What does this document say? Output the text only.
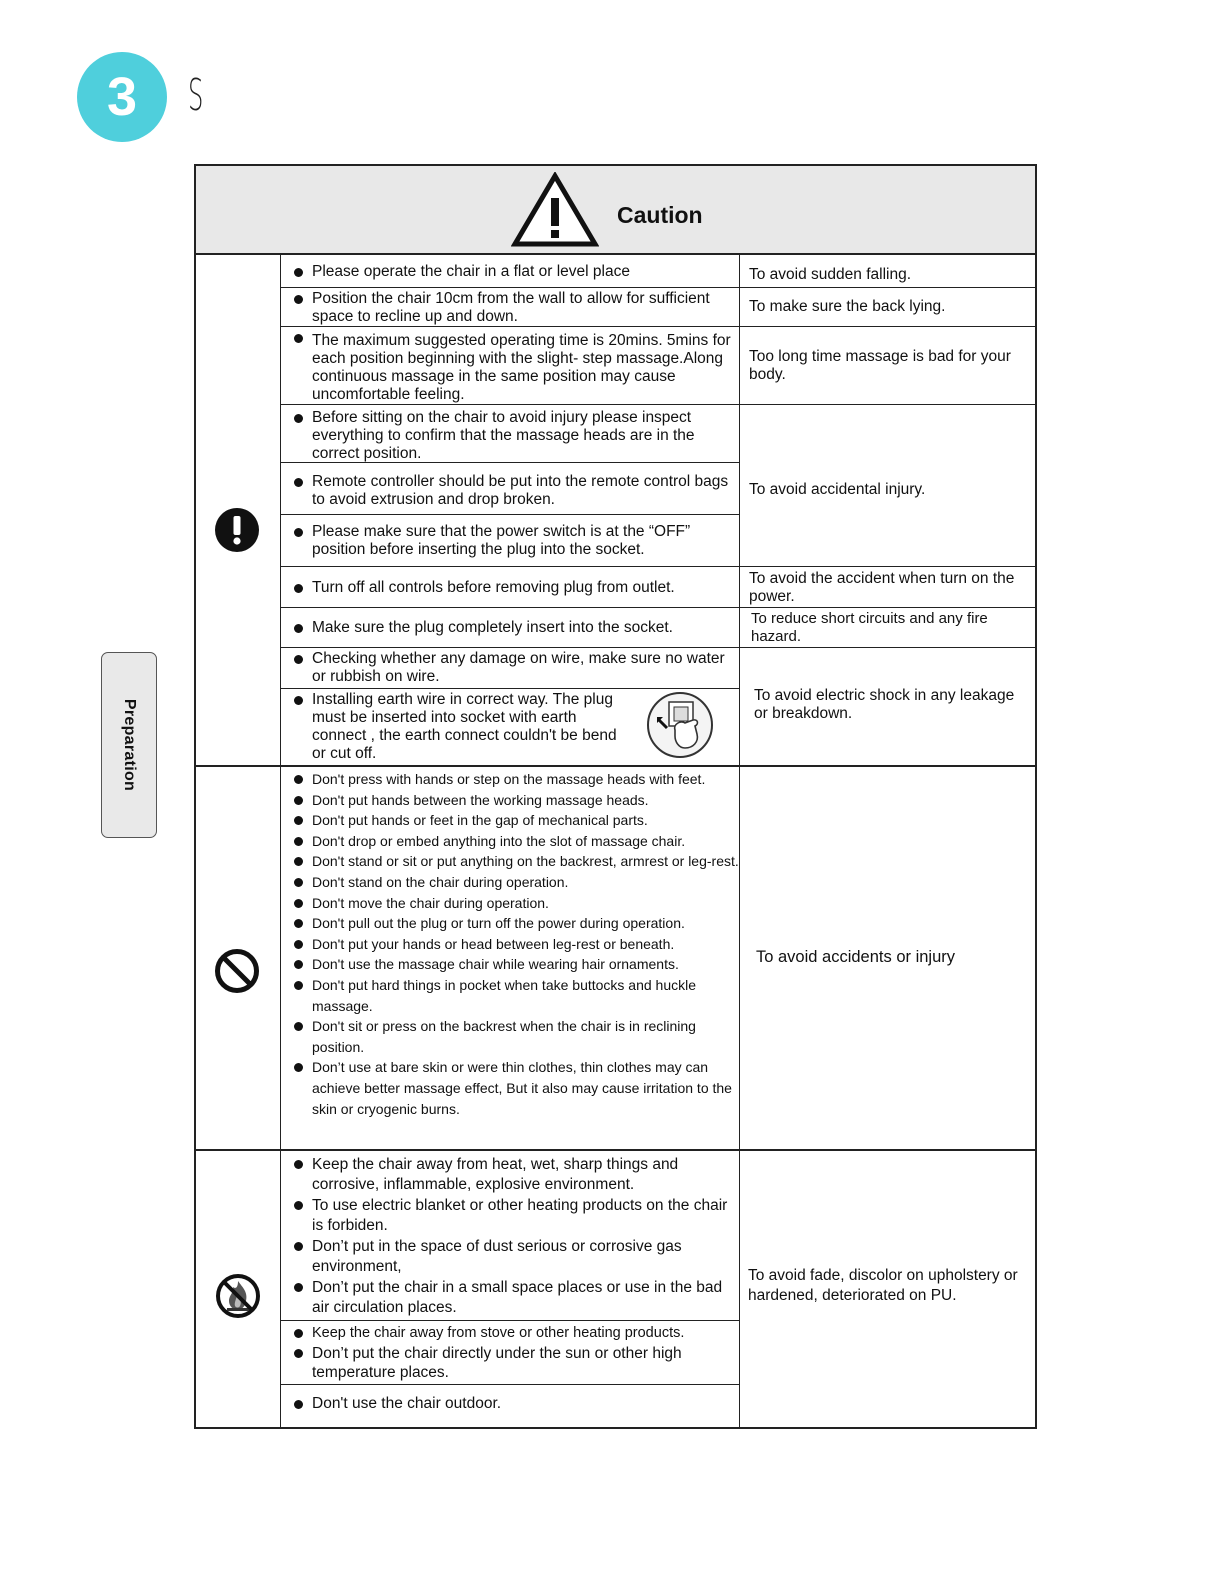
3	S
Preparation
Caution
Please operate the chair in a flat or level place	To avoid sudden falling.
Position the chair 10cm from the wall to allow for sufficient space to recline up and down.
To make sure the back lying.
The maximum suggested operating time is 20mins. 5mins for each position beginning with the slight- step massage.Along continuous massage in the same position may cause uncomfortable feeling.
Too long time massage is bad for your body.
Before sitting on the chair to avoid injury please inspect everything to confirm that the massage heads are in the correct position.
Remote controller should be put into the remote control bags to avoid extrusion and drop broken.
To avoid accidental injury.
Please make sure that the power switch is at the “OFF” position before inserting the plug into the socket.
Turn off all controls before removing plug from outlet.
To avoid the accident when turn on the power.
Make sure the plug completely insert into the socket.
To reduce short circuits and any fire hazard.
Checking whether any damage on wire, make sure no water or rubbish on wire.
To avoid electric shock in any leakage or breakdown.
Installing earth wire in correct way. The plug must be inserted into socket with earth connect , the earth connect couldn't be bend or cut off.
Don't press with hands or step on the massage heads with feet.
Don't put hands between the working massage heads.
Don't put hands or feet in the gap of mechanical parts.
Don't drop or embed anything into the slot of massage chair.
Don't stand or sit or put anything on the backrest, armrest or leg-rest.
Don't stand on the chair during operation.
Don't move the chair during operation.
Don't pull out the plug or turn off the power during operation.
Don't put your hands or head between leg-rest or beneath.
Don't use the massage chair while wearing hair ornaments.
Don't put hard things in pocket when take buttocks and huckle massage.
Don't sit or press on the backrest when the chair is in reclining position.
Don’t use at bare skin or were thin clothes, thin clothes may can achieve better massage effect, But it also may cause irritation to the skin or cryogenic burns.
To avoid accidents or injury
Keep the chair away from heat, wet, sharp things and corrosive, inflammable, explosive environment.
To use electric blanket or other heating products on the chair is forbiden.
Don’t put in the space of dust serious or corrosive gas environment,
Don’t put the chair in a small space places or use in the bad air circulation places.
Keep the chair away from stove or other heating products.
Don’t put the chair directly under the sun or other high temperature places.
Don't use the chair outdoor.
To avoid fade, discolor on upholstery or hardened, deteriorated on PU.
